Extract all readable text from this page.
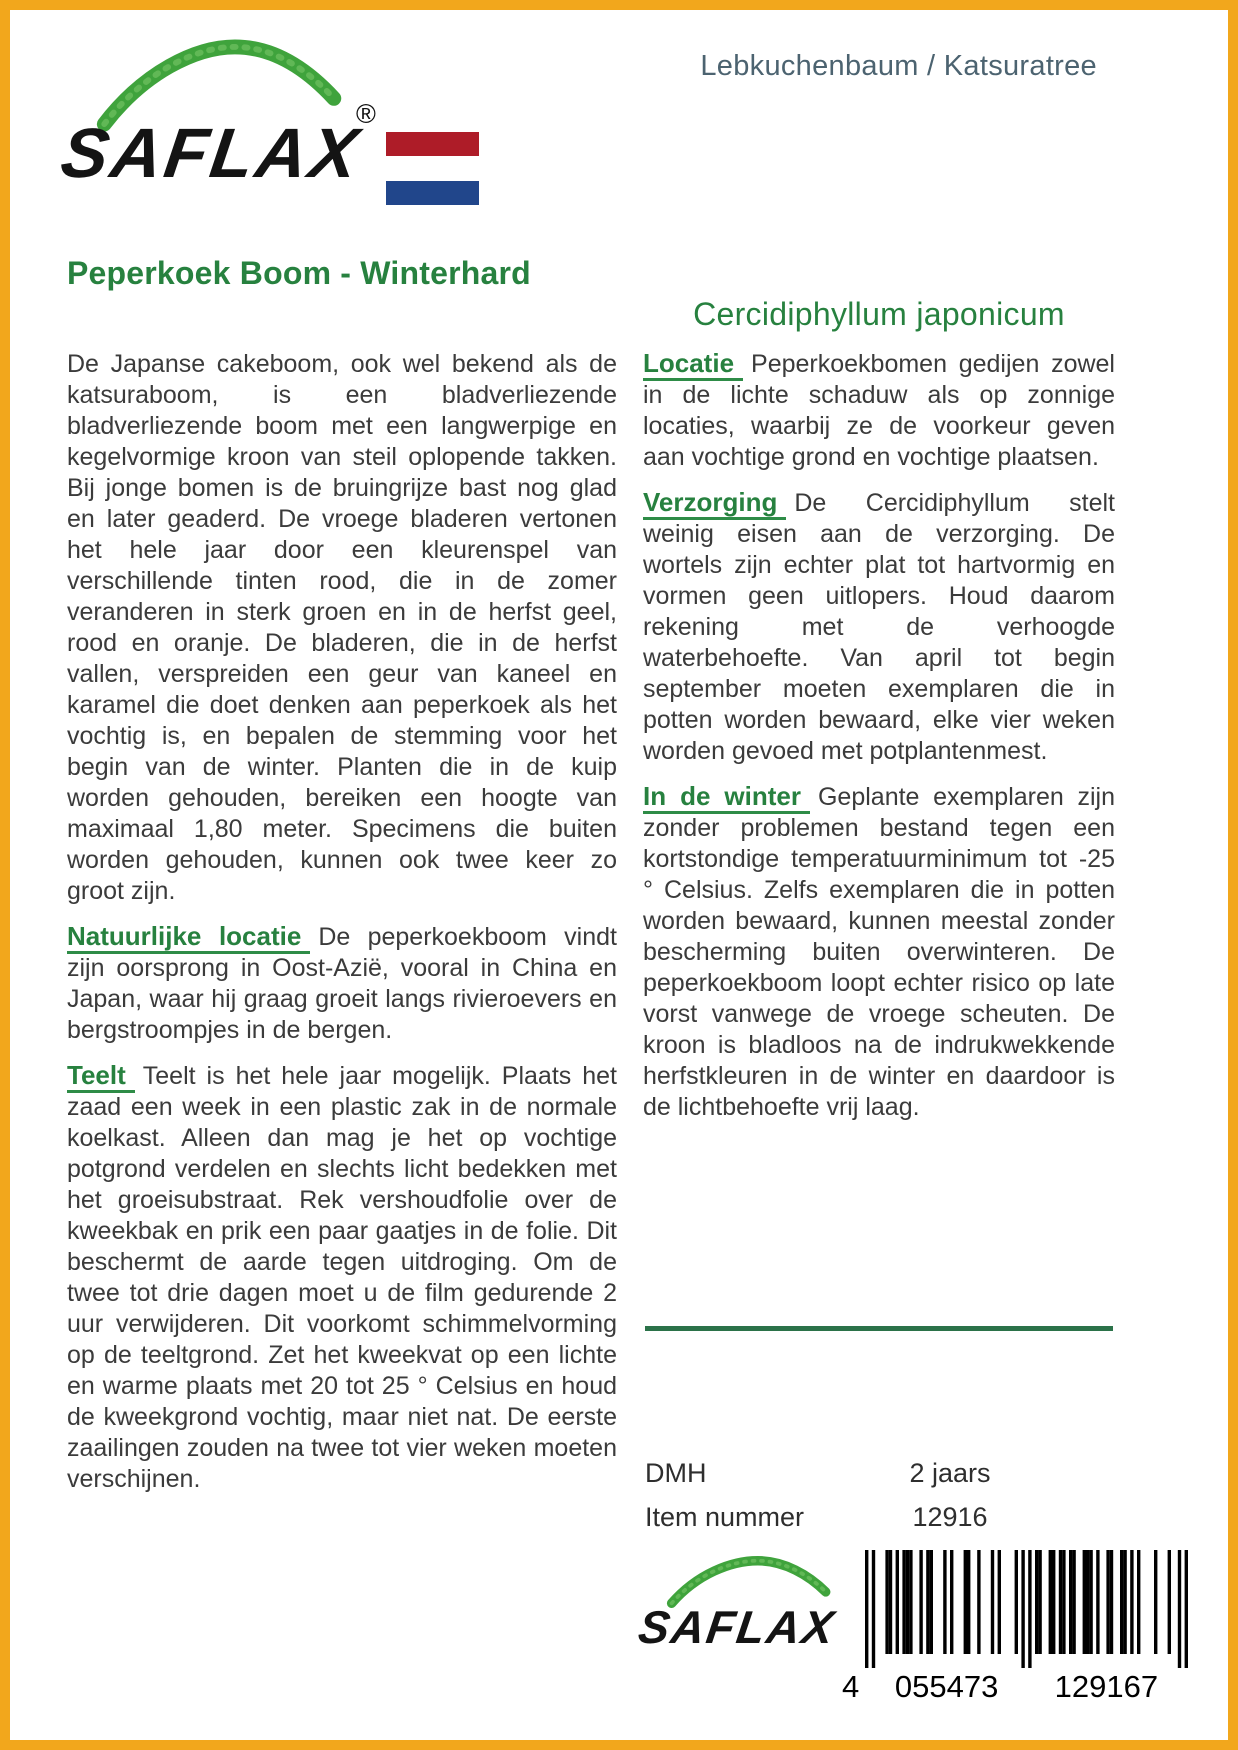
®
SAFLAX
Lebkuchenbaum / Katsuratree
Peperkoek Boom - Winterhard

De Japanse cakeboom, ook wel bekend als de katsuraboom, is een bladverliezende bladverliezende boom met een langwerpige en kegelvormige kroon van steil oplopende takken. Bij jonge bomen is de bruingrijze bast nog glad en later geaderd. De vroege bladeren vertonen het hele jaar door een kleurenspel van verschillende tinten rood, die in de zomer veranderen in sterk groen en in de herfst geel, rood en oranje. De bladeren, die in de herfst vallen, verspreiden een geur van kaneel en karamel die doet denken aan peperkoek als het vochtig is, en bepalen de stemming voor het begin van de winter. Planten die in de kuip worden gehouden, bereiken een hoogte van maximaal 1,80 meter. Specimens die buiten worden gehouden, kunnen ook twee keer zo groot zijn.

Natuurlijke locatie De peperkoekboom vindt zijn oorsprong in Oost-Azië, vooral in China en Japan, waar hij graag groeit langs rivieroevers en bergstroompjes in de bergen.

Teelt Teelt is het hele jaar mogelijk. Plaats het zaad een week in een plastic zak in de normale koelkast. Alleen dan mag je het op vochtige potgrond verdelen en slechts licht bedekken met het groeisubstraat. Rek vershoudfolie over de kweekbak en prik een paar gaatjes in de folie. Dit beschermt de aarde tegen uitdroging. Om de twee tot drie dagen moet u de film gedurende 2 uur verwijderen. Dit voorkomt schimmelvorming op de teeltgrond. Zet het kweekvat op een lichte en warme plaats met 20 tot 25 ° Celsius en houd de kweekgrond vochtig, maar niet nat. De eerste zaailingen zouden na twee tot vier weken moeten verschijnen.

Cercidiphyllum japonicum

Locatie Peperkoekbomen gedijen zowel in de lichte schaduw als op zonnige locaties, waarbij ze de voorkeur geven aan vochtige grond en vochtige plaatsen.

Verzorging De Cercidiphyllum stelt weinig eisen aan de verzorging. De wortels zijn echter plat tot hartvormig en vormen geen uitlopers. Houd daarom rekening met de verhoogde waterbehoefte. Van april tot begin september moeten exemplaren die in potten worden bewaard, elke vier weken worden gevoed met potplantenmest.

In de winter Geplante exemplaren zijn zonder problemen bestand tegen een kortstondige temperatuurminimum tot -25 ° Celsius. Zelfs exemplaren die in potten worden bewaard, kunnen meestal zonder bescherming buiten overwinteren. De peperkoekboom loopt echter risico op late vorst vanwege de vroege scheuten. De kroon is bladloos na de indrukwekkende herfstkleuren in de winter en daardoor is de lichtbehoefte vrij laag.

DMH	2 jaars
Item nummer	12916
SAFLAX
4 055473 129167
